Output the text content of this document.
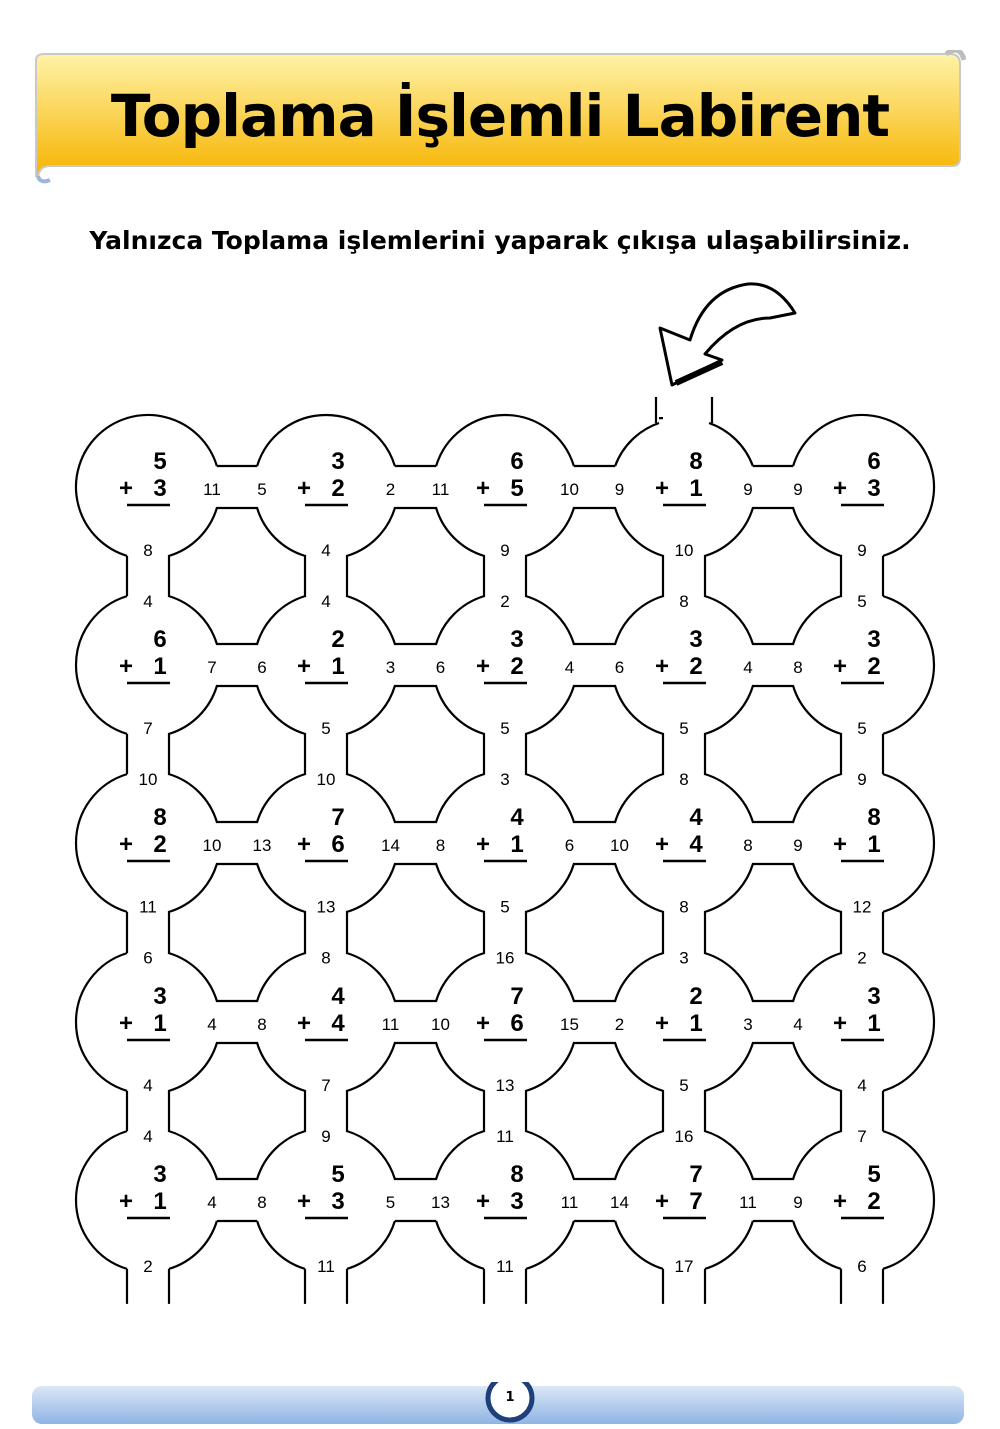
Toplama İşlemli Labirent
Yalnızca Toplama işlemlerini yaparak çıkışa ulaşabilirsiniz.
5
+ 3
3
+ 2
6
+ 5
8
+ 1
6
+ 3
6
+ 1
2
+ 1
3
+ 2
3
+ 2
3
+ 2
8
+ 2
7
+ 6
4
+ 1
4
+ 4
8
+ 1
3
+ 1
4
+ 4
7
+ 6
2
+ 1
3
+ 1
3
+ 1
5
+ 3
8
+ 3
7
+ 7
5
+ 2
11 5	2 11	10 9	9 9
7 6	3 6	4 6	4 8
10 13	14 8	6 10	8 9
4 8	11 10	15 2	3 4
4 8	5 13	11 14	11 9
8
4
4
4
9
2
10
8
9
5
7
10
5
10
5
3
5
8
5
9
11
6
13
8
5
16
8
3
12
2
4
4
7
9
13
11
5
16
4
7
2	11	11	17	6
1
